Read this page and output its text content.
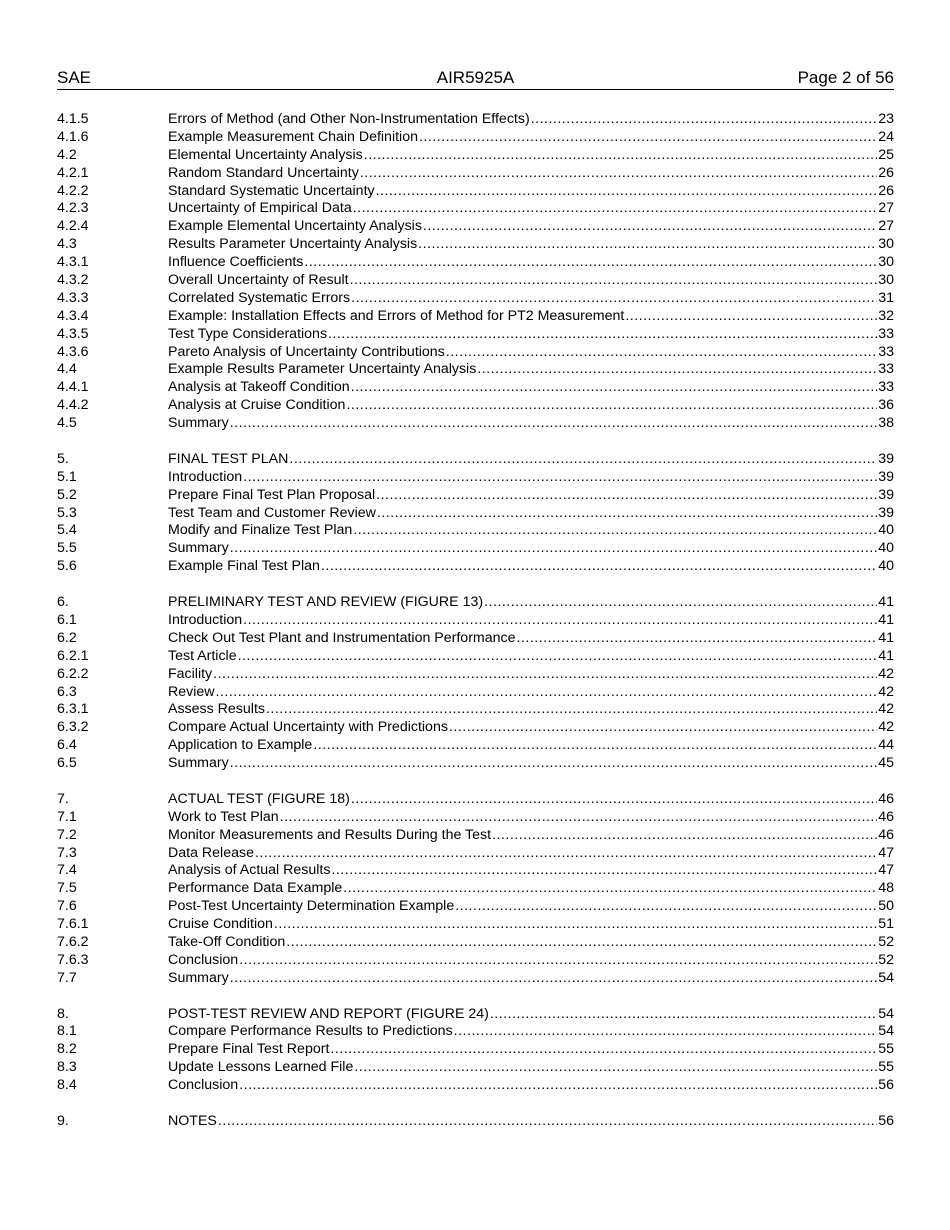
SAE	AIR5925A	Page 2 of 56
4.1.5	Errors of Method (and Other Non-Instrumentation Effects) .....	23
4.1.6	Example Measurement Chain Definition .....	24
4.2	Elemental Uncertainty Analysis .....	25
4.2.1	Random Standard Uncertainty .....	26
4.2.2	Standard Systematic Uncertainty .....	26
4.2.3	Uncertainty of Empirical Data .....	27
4.2.4	Example Elemental Uncertainty Analysis .....	27
4.3	Results Parameter Uncertainty Analysis .....	30
4.3.1	Influence Coefficients .....	30
4.3.2	Overall Uncertainty of Result .....	30
4.3.3	Correlated Systematic Errors .....	31
4.3.4	Example: Installation Effects and Errors of Method for PT2 Measurement .....	32
4.3.5	Test Type Considerations .....	33
4.3.6	Pareto Analysis of Uncertainty Contributions .....	33
4.4	Example Results Parameter Uncertainty Analysis .....	33
4.4.1	Analysis at Takeoff Condition .....	33
4.4.2	Analysis at Cruise Condition .....	36
4.5	Summary .....	38
5.	FINAL TEST PLAN .....	39
5.1	Introduction .....	39
5.2	Prepare Final Test Plan Proposal .....	39
5.3	Test Team and Customer Review .....	39
5.4	Modify and Finalize Test Plan .....	40
5.5	Summary .....	40
5.6	Example Final Test Plan .....	40
6.	PRELIMINARY TEST AND REVIEW (FIGURE 13) .....	41
6.1	Introduction .....	41
6.2	Check Out Test Plant and Instrumentation Performance .....	41
6.2.1	Test Article .....	41
6.2.2	Facility .....	42
6.3	Review .....	42
6.3.1	Assess Results .....	42
6.3.2	Compare Actual Uncertainty with Predictions .....	42
6.4	Application to Example .....	44
6.5	Summary .....	45
7.	ACTUAL TEST (FIGURE 18) .....	46
7.1	Work to Test Plan .....	46
7.2	Monitor Measurements and Results During the Test .....	46
7.3	Data Release .....	47
7.4	Analysis of Actual Results .....	47
7.5	Performance Data Example .....	48
7.6	Post-Test Uncertainty Determination Example .....	50
7.6.1	Cruise Condition .....	51
7.6.2	Take-Off Condition .....	52
7.6.3	Conclusion .....	52
7.7	Summary .....	54
8.	POST-TEST REVIEW AND REPORT (FIGURE 24) .....	54
8.1	Compare Performance Results to Predictions .....	54
8.2	Prepare Final Test Report .....	55
8.3	Update Lessons Learned File .....	55
8.4	Conclusion .....	56
9.	NOTES .....	56
